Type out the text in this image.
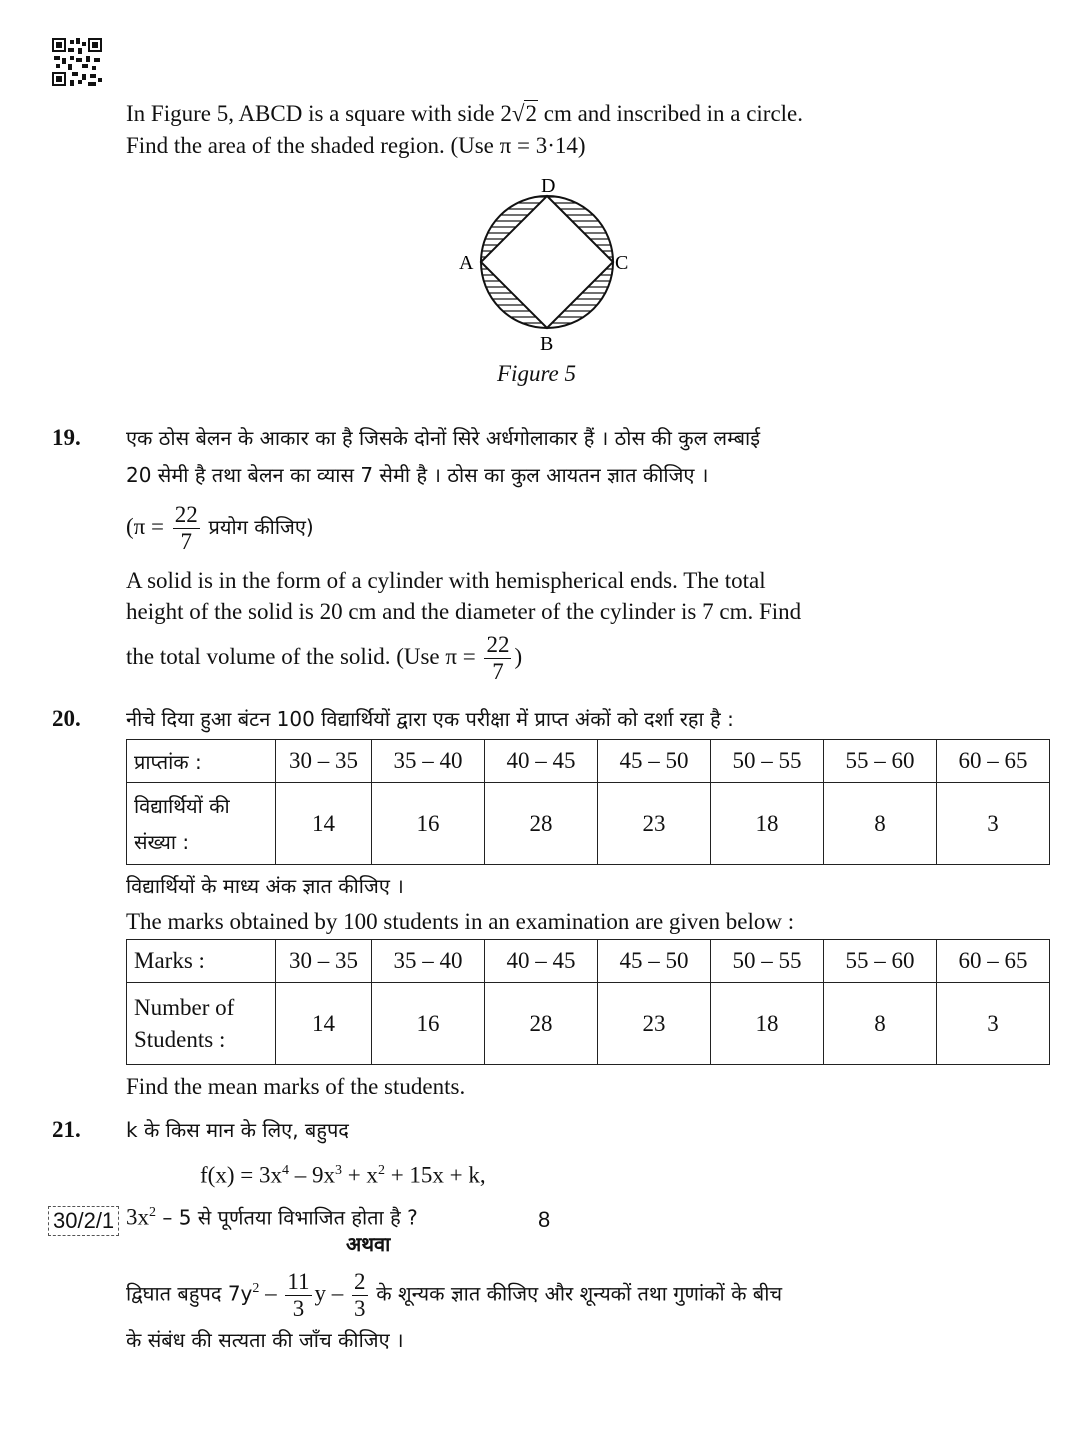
In Figure 5, ABCD is a square with side 2√2 cm and inscribed in a circle.
Find the area of the shaded region. (Use π = 3·14)
D
A	C
B
Figure 5
19. एक ठोस बेलन के आकार का है जिसके दोनों सिरे अर्धगोलाकार हैं । ठोस की कुल लम्बाई
20 सेमी है तथा बेलन का व्यास 7 सेमी है । ठोस का कुल आयतन ज्ञात कीजिए ।
($\pi = \frac{22}{7}$ प्रयोग कीजिए)
A solid is in the form of a cylinder with hemispherical ends. The total
height of the solid is 20 cm and the diameter of the cylinder is 7 cm. Find
the total volume of the solid. (Use $\pi = \frac{22}{7}$ )
20. नीचे दिया हुआ बंटन 100 विद्यार्थियों द्वारा एक परीक्षा में प्राप्त अंकों को दर्शा रहा है :
प्राप्तांक :	30 – 35	35 – 40	40 – 45	45 – 50	50 – 55	55 – 60	60 – 65
विद्यार्थियों की
संख्या :	14	16	28	23	18	8	3
विद्यार्थियों के माध्य अंक ज्ञात कीजिए ।
The marks obtained by 100 students in an examination are given below :
Marks :	30 – 35	35 – 40	40 – 45	45 – 50	50 – 55	55 – 60	60 – 65
Number of
Students :	14	16	28	23	18	8	3
Find the mean marks of the students.
21. k के किस मान के लिए, बहुपद
$f(x) = 3x^4 - 9x^3 + x^2 + 15x + k$,
$3x^2 - 5$ से पूर्णतया विभाजित होता है ?
अथवा
द्विघात बहुपद $7y^2 - \frac{11}{3}$ y – $\frac{2}{3}$ के शून्यक ज्ञात कीजिए और शून्यकों तथा गुणांकों के बीच
के संबंध की सत्यता की जाँच कीजिए ।
30/2/1	8
